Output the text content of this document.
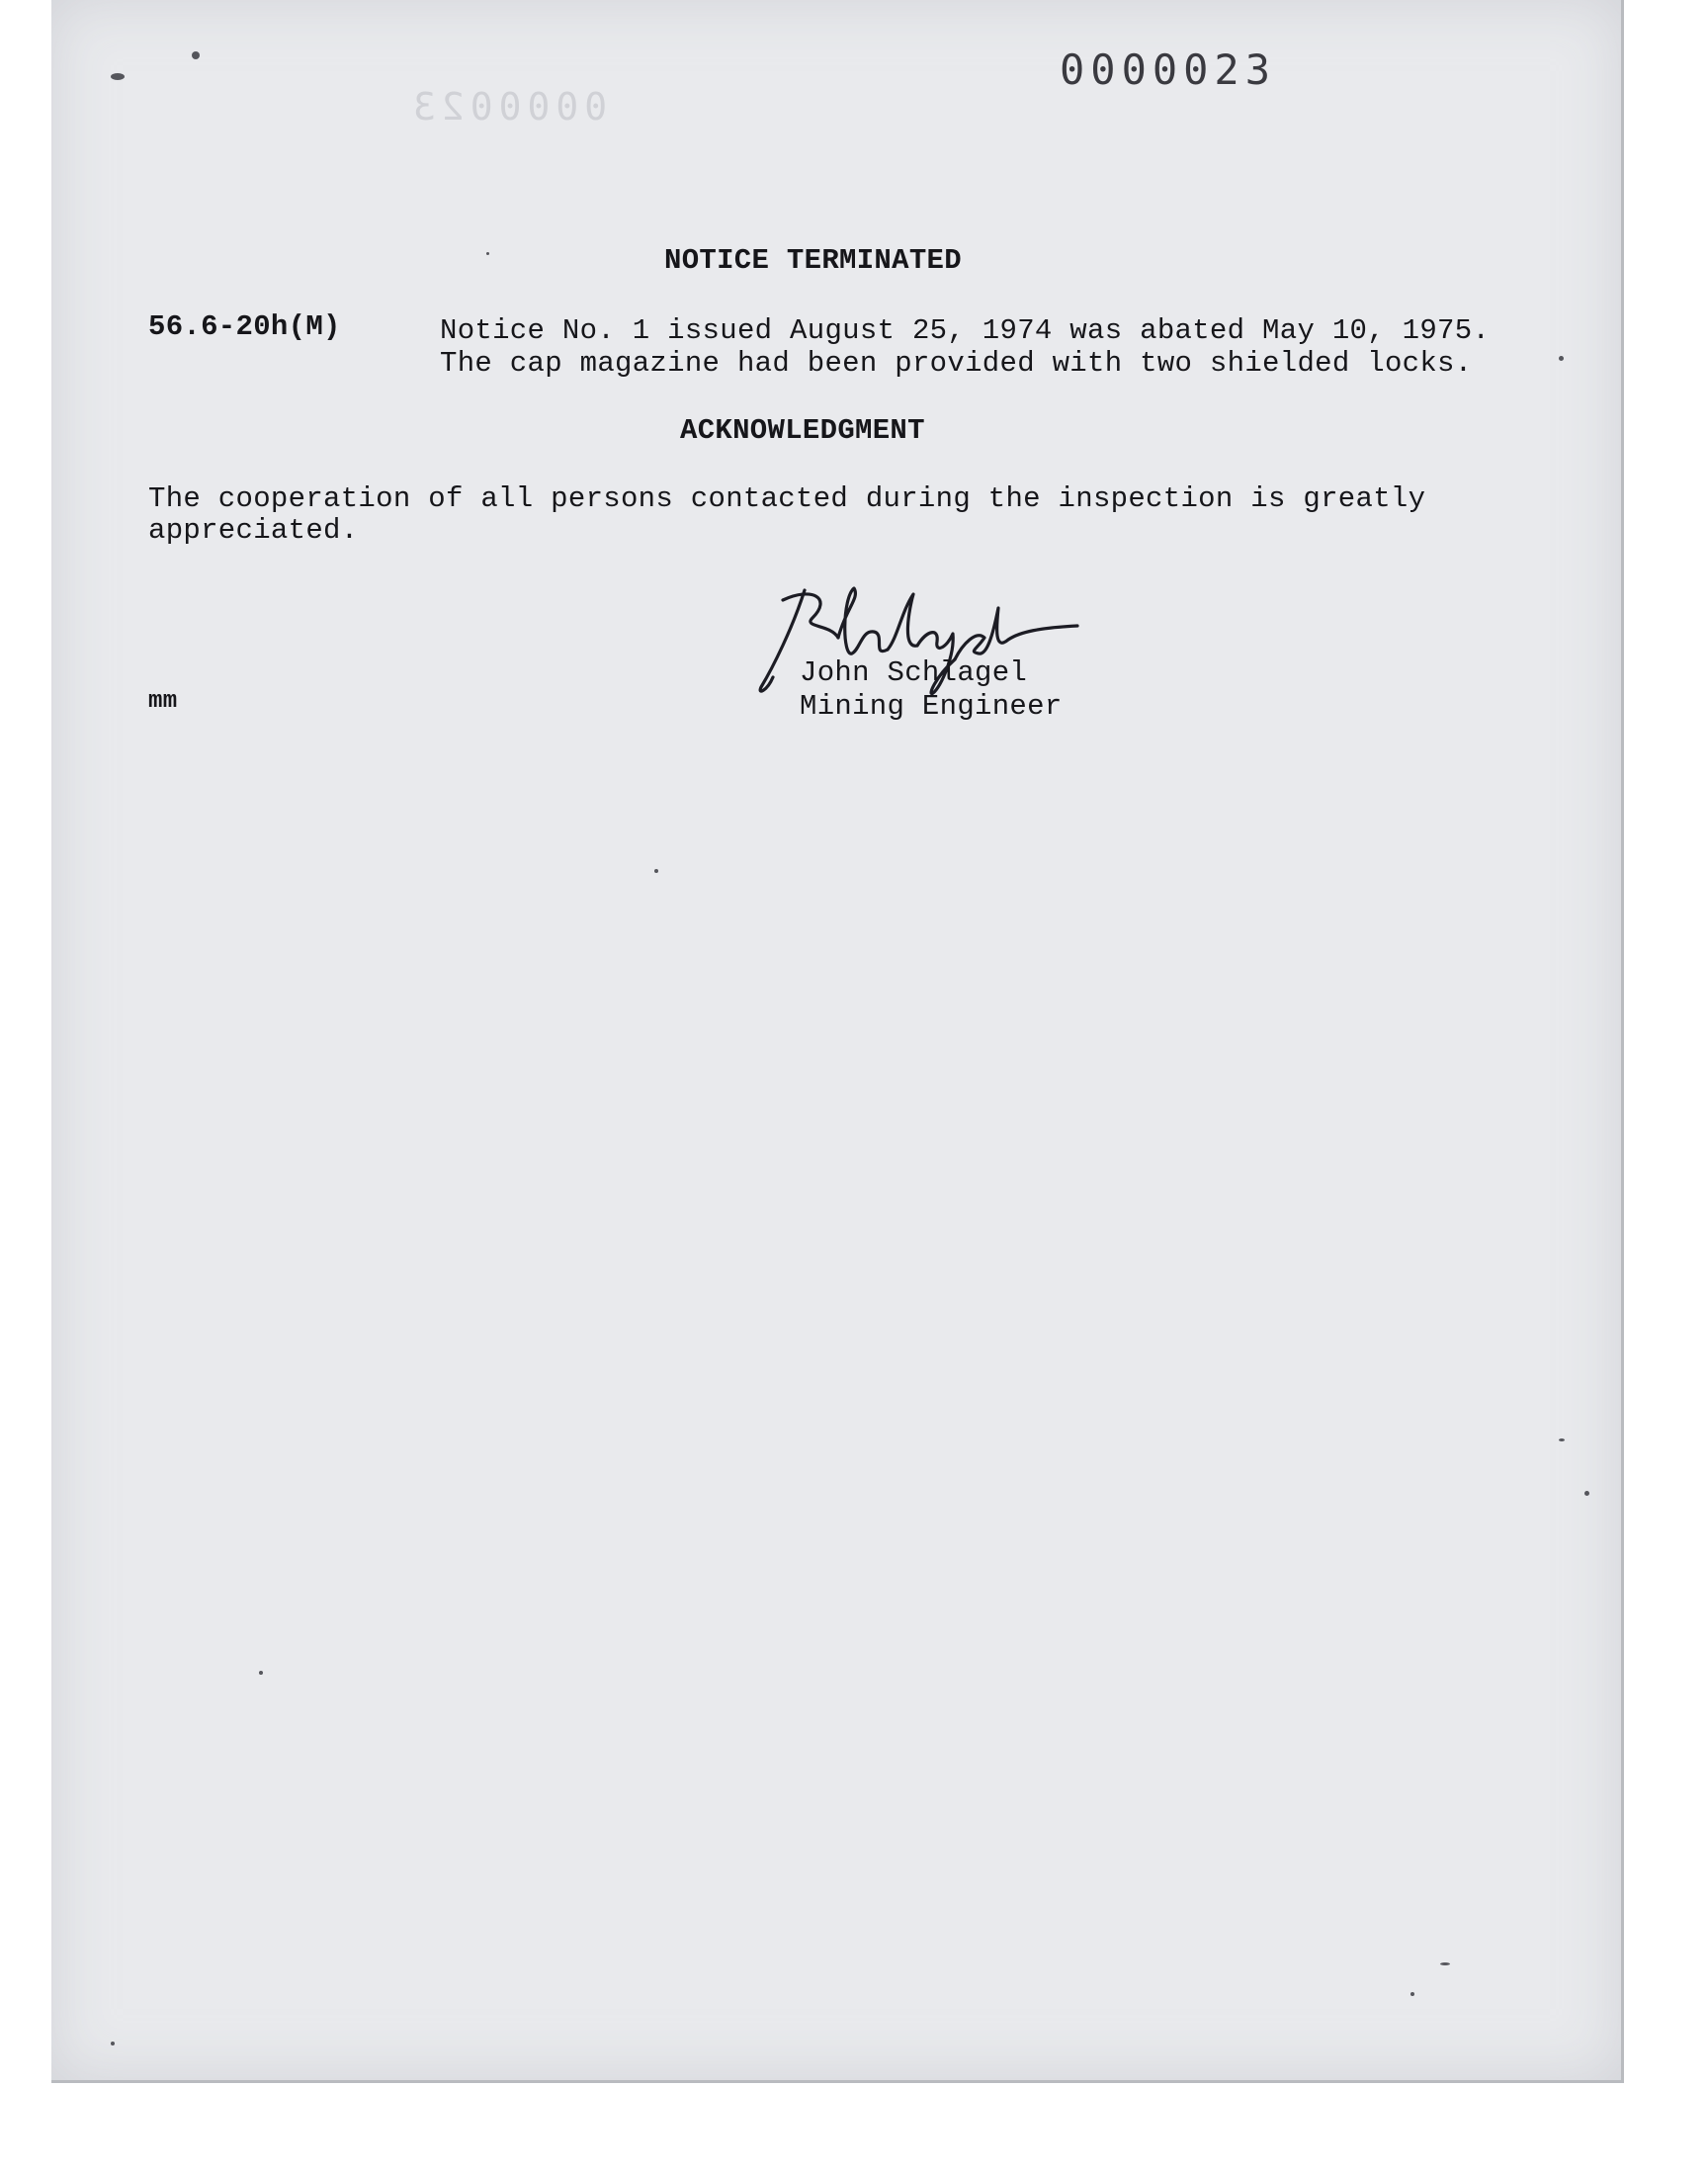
0000023
0000023
NOTICE TERMINATED
56.6-20h(M)	Notice No. 1 issued August 25, 1974 was abated May 10, 1975.
The cap magazine had been provided with two shielded locks.
ACKNOWLEDGMENT
The cooperation of all persons contacted during the inspection is greatly
appreciated.
John Schlagel
Mining Engineer
mm
